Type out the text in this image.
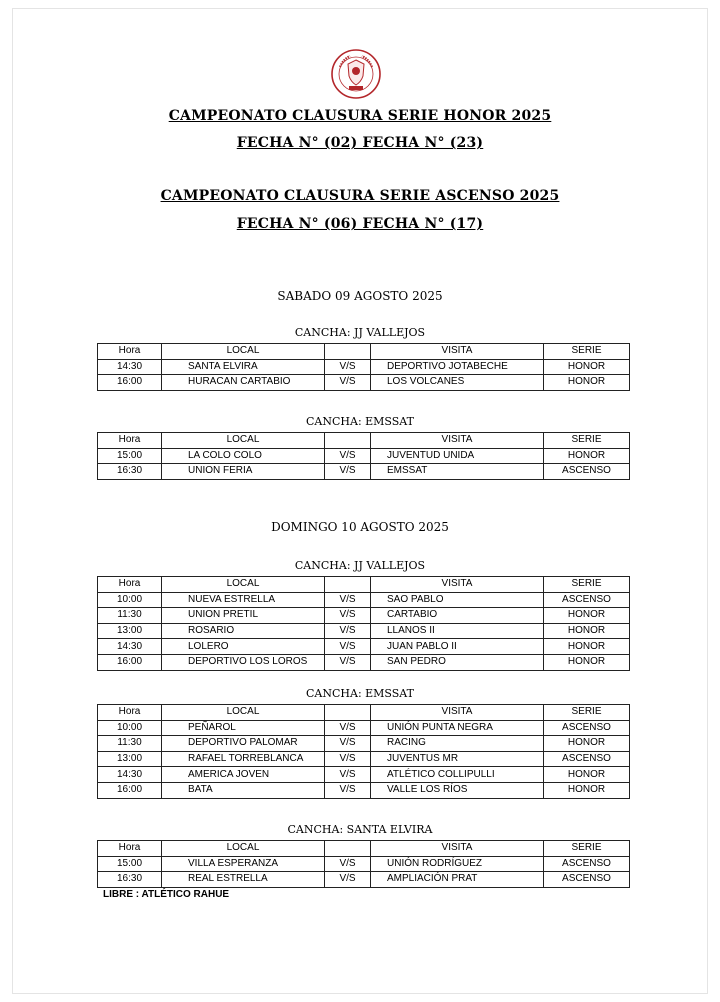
CAMPEONATO CLAUSURA SERIE HONOR 2025
FECHA N° (02) FECHA N° (23)
CAMPEONATO CLAUSURA SERIE ASCENSO 2025
FECHA N° (06) FECHA N° (17)
SABADO 09 AGOSTO 2025
DOMINGO 10 AGOSTO 2025
CANCHA: JJ VALLEJOS
Hora	LOCAL		VISITA	SERIE
14:30	SANTA ELVIRA	V/S	DEPORTIVO JOTABECHE	HONOR
16:00	HURACAN CARTABIO	V/S	LOS VOLCANES	HONOR
CANCHA: EMSSAT
Hora	LOCAL		VISITA	SERIE
15:00	LA COLO COLO	V/S	JUVENTUD UNIDA	HONOR
16:30	UNION FERIA	V/S	EMSSAT	ASCENSO
CANCHA: JJ VALLEJOS
Hora	LOCAL		VISITA	SERIE
10:00	NUEVA ESTRELLA	V/S	SAO PABLO	ASCENSO
11:30	UNION PRETIL	V/S	CARTABIO	HONOR
13:00	ROSARIO	V/S	LLANOS II	HONOR
14:30	LOLERO	V/S	JUAN PABLO II	HONOR
16:00	DEPORTIVO LOS LOROS	V/S	SAN PEDRO	HONOR
CANCHA: EMSSAT
Hora	LOCAL		VISITA	SERIE
10:00	PEÑAROL	V/S	UNIÓN PUNTA NEGRA	ASCENSO
11:30	DEPORTIVO PALOMAR	V/S	RACING	HONOR
13:00	RAFAEL TORREBLANCA	V/S	JUVENTUS MR	ASCENSO
14:30	AMERICA JOVEN	V/S	ATLÉTICO COLLIPULLI	HONOR
16:00	BATA	V/S	VALLE LOS RÍOS	HONOR
CANCHA: SANTA ELVIRA
Hora	LOCAL		VISITA	SERIE
15:00	VILLA ESPERANZA	V/S	UNIÓN RODRÍGUEZ	ASCENSO
16:30	REAL ESTRELLA	V/S	AMPLIACIÓN PRAT	ASCENSO
LIBRE : ATLÉTICO RAHUE
